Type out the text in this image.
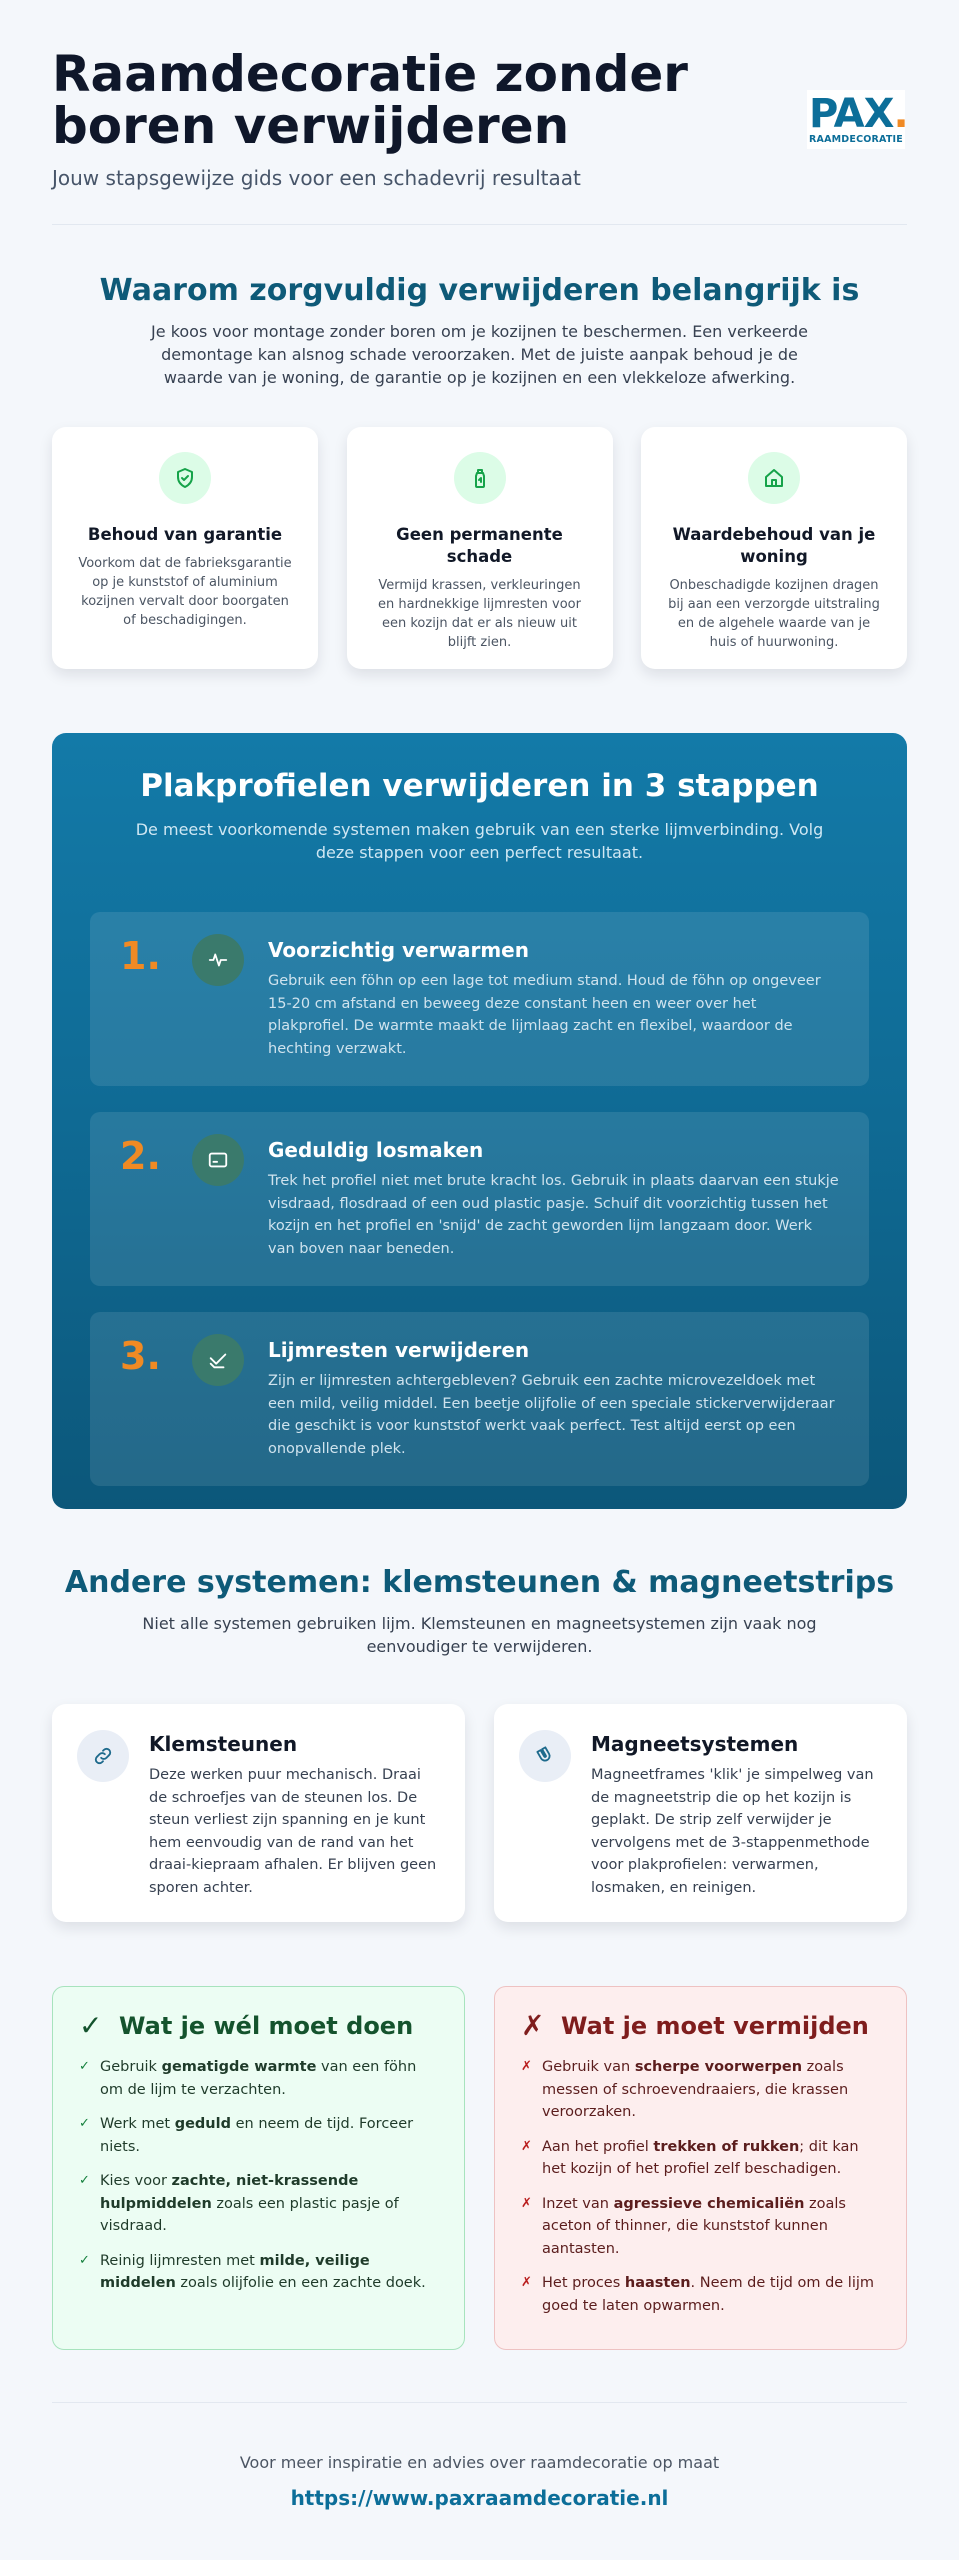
Raamdecoratie zonder boren verwijderen
Jouw stapsgewijze gids voor een schadevrij resultaat
PAX.
RAAMDECORATIE
Waarom zorgvuldig verwijderen belangrijk is

Je koos voor montage zonder boren om je kozijnen te beschermen. Een verkeerde demontage kan alsnog schade veroorzaken. Met de juiste aanpak behoud je de waarde van je woning, de garantie op je kozijnen en een vlekkeloze afwerking.

Behoud van garantie

Voorkom dat de fabrieksgarantie op je kunststof of aluminium kozijnen vervalt door boorgaten of beschadigingen.

Geen permanente schade

Vermijd krassen, verkleuringen en hardnekkige lijmresten voor een kozijn dat er als nieuw uit blijft zien.

Waardebehoud van je woning

Onbeschadigde kozijnen dragen bij aan een verzorgde uitstraling en de algehele waarde van je huis of huurwoning.

Plakprofielen verwijderen in 3 stappen

De meest voorkomende systemen maken gebruik van een sterke lijmverbinding. Volg deze stappen voor een perfect resultaat.

1.	Voorzichtig verwarmen

Gebruik een föhn op een lage tot medium stand. Houd de föhn op ongeveer 15-20 cm afstand en beweeg deze constant heen en weer over het plakprofiel. De warmte maakt de lijmlaag zacht en flexibel, waardoor de hechting verzwakt.

2.	Geduldig losmaken

Trek het profiel niet met brute kracht los. Gebruik in plaats daarvan een stukje visdraad, flosdraad of een oud plastic pasje. Schuif dit voorzichtig tussen het kozijn en het profiel en 'snijd' de zacht geworden lijm langzaam door. Werk van boven naar beneden.

3.	Lijmresten verwijderen

Zijn er lijmresten achtergebleven? Gebruik een zachte microvezeldoek met een mild, veilig middel. Een beetje olijfolie of een speciale stickerverwijderaar die geschikt is voor kunststof werkt vaak perfect. Test altijd eerst op een onopvallende plek.

Andere systemen: klemsteunen & magneetstrips

Niet alle systemen gebruiken lijm. Klemsteunen en magneetsystemen zijn vaak nog eenvoudiger te verwijderen.

Klemsteunen

Deze werken puur mechanisch. Draai de schroefjes van de steunen los. De steun verliest zijn spanning en je kunt hem eenvoudig van de rand van het draai-kiepraam afhalen. Er blijven geen sporen achter.

Magneetsystemen

Magneetframes 'klik' je simpelweg van de magneetstrip die op het kozijn is geplakt. De strip zelf verwijder je vervolgens met de 3-stappenmethode voor plakprofielen: verwarmen, losmaken, en reinigen.

✓ Wat je wél moet doen
✓ Gebruik gematigde warmte van een föhn om de lijm te verzachten.
✓ Werk met geduld en neem de tijd. Forceer niets.
✓ Kies voor zachte, niet-krassende hulpmiddelen zoals een plastic pasje of visdraad.
✓ Reinig lijmresten met milde, veilige middelen zoals olijfolie en een zachte doek.
✗ Wat je moet vermijden
✗ Gebruik van scherpe voorwerpen zoals messen of schroevendraaiers, die krassen veroorzaken.
✗ Aan het profiel trekken of rukken; dit kan het kozijn of het profiel zelf beschadigen.
✗ Inzet van agressieve chemicaliën zoals aceton of thinner, die kunststof kunnen aantasten.
✗ Het proces haasten. Neem de tijd om de lijm goed te laten opwarmen.
Voor meer inspiratie en advies over raamdecoratie op maat
https://www.paxraamdecoratie.nl
